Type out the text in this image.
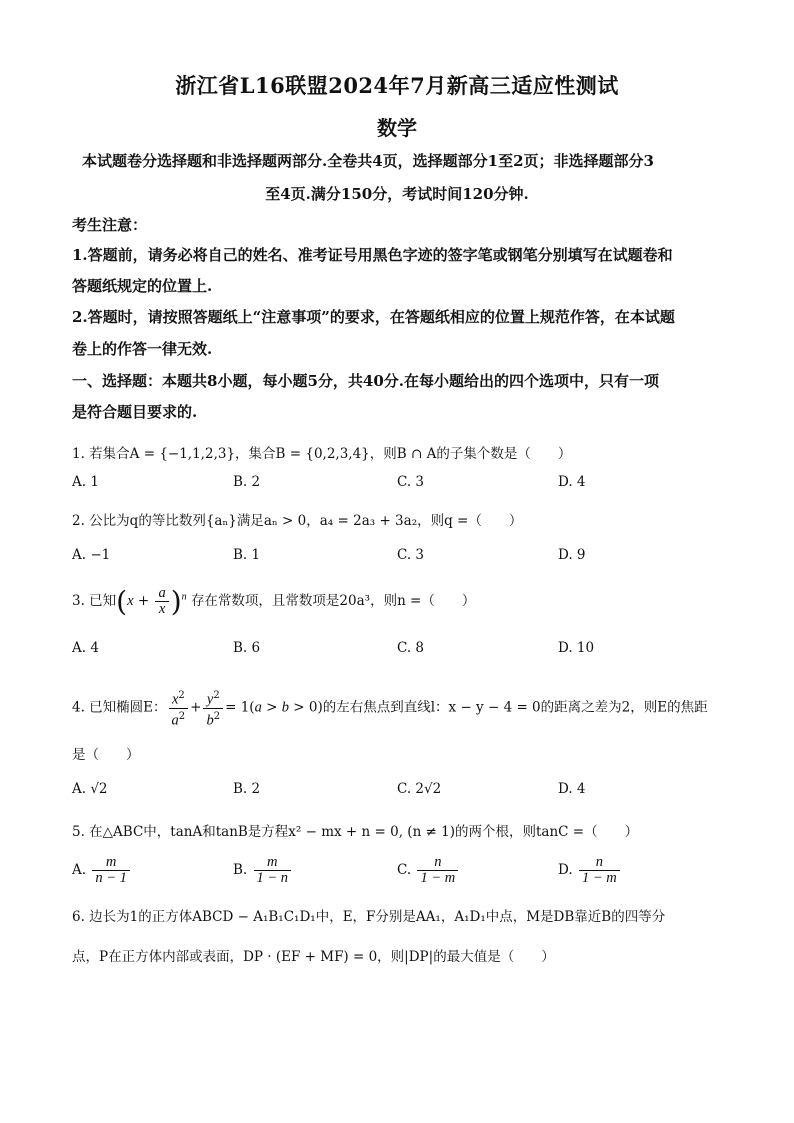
浙江省L16联盟2024年7月新高三适应性测试
数学
本试题卷分选择题和非选择题两部分.全卷共4页，选择题部分1至2页；非选择题部分3
至4页.满分150分，考试时间120分钟.
考生注意：
1.答题前，请务必将自己的姓名、准考证号用黑色字迹的签字笔或钢笔分别填写在试题卷和
答题纸规定的位置上.
2.答题时，请按照答题纸上“注意事项”的要求，在答题纸相应的位置上规范作答，在本试题
卷上的作答一律无效.
一、选择题：本题共8小题，每小题5分，共40分.在每小题给出的四个选项中，只有一项
是符合题目要求的.
1. 若集合A = {−1,1,2,3}，集合B = {0,2,3,4}，则B ∩ A的子集个数是（　　）
A. 1	B. 2	C. 3	D. 4
2. 公比为q的等比数列{aₙ}满足aₙ > 0，a₄ = 2a₃ + 3a₂，则q =（　　）
A. −1	B. 1	C. 3	D. 9
3. 已知$(x + \frac{a}{x} )^n$ 存在常数项，且常数项是20a³，则n =（　　）
A. 4	B. 6	C. 8	D. 10
4. 已知椭圆E： $\frac{x^2}{a^2} + \frac{y^2}{b^2} = 1(a > b > 0)$的左右焦点到直线l：x − y − 4 = 0的距离之差为2，则E的焦距
是（　　）
A. √2	B. 2	C. 2√2	D. 4
5. 在△ABC中，tanA和tanB是方程x² − mx + n = 0, (n ≠ 1)的两个根，则tanC =（　　）
A. $\frac{m}{n - 1}$	B. $\frac{m}{1 - n}$	C. $\frac{n}{1 - m}$	D. $\frac{n}{1 - m}$
6. 边长为1的正方体ABCD − A₁B₁C₁D₁中，E，F分别是AA₁，A₁D₁中点，M是DB靠近B的四等分
点，P在正方体内部或表面，DP · (EF + MF) = 0，则|DP|的最大值是（　　）
